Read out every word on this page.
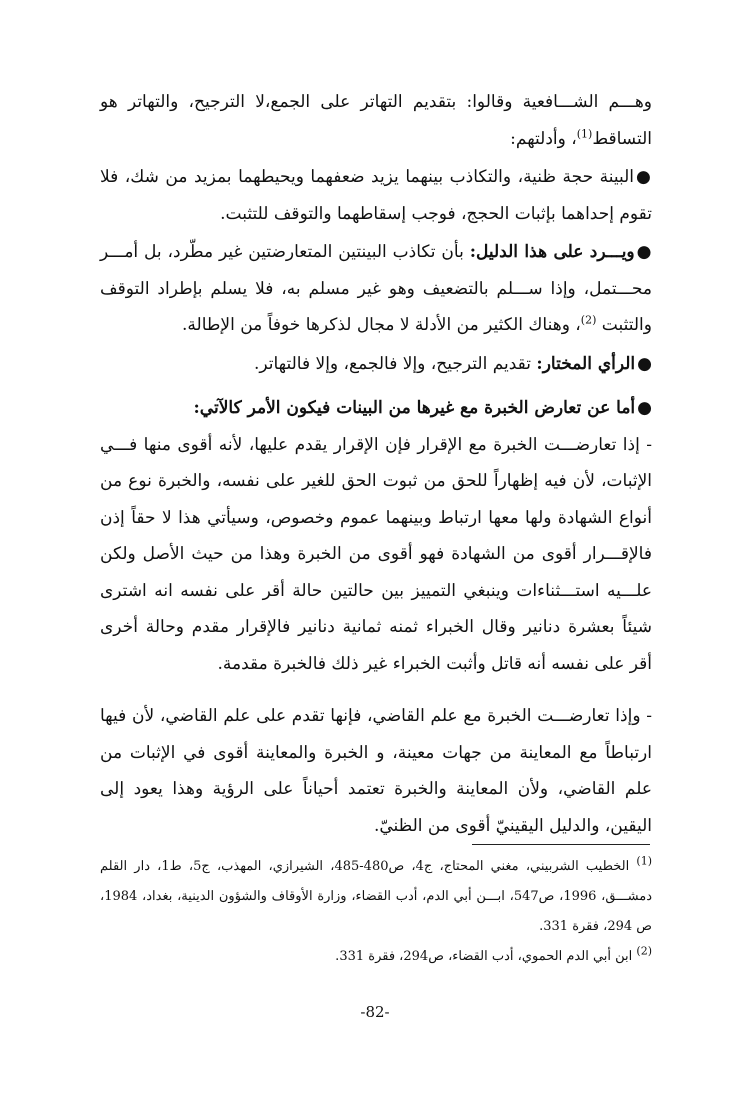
وهـــم الشـــافعية وقالوا: بتقديم التهاتر على الجمع،لا الترجيح، والتهاتر هو التساقط$^{(1)}$، وأدلتهم:

●البينة حجة ظنية، والتكاذب بينهما يزيد ضعفهما ويحيطهما بمزيد من شك، فلا تقوم إحداهما بإثبات الحجج، فوجب إسقاطهما والتوقف للتثبت.

●ويـــرد على هذا الدليل: بأن تكاذب البينتين المتعارضتين غير مطّرد، بل أمـــر محـــتمل، وإذا ســـلم بالتضعيف وهو غير مسلم به، فلا يسلم بإطراد التوقف والتثبت $^{(2)}$، وهناك الكثير من الأدلة لا مجال لذكرها خوفاً من الإطالة.

●الرأي المختار: تقديم الترجيح، وإلا فالجمع، وإلا فالتهاتر.

●أما عن تعارض الخبرة مع غيرها من البينات فيكون الأمر كالآتي:

- إذا تعارضـــت الخبرة مع الإقرار فإن الإقرار يقدم عليها، لأنه أقوى منها فـــي الإثبات، لأن فيه إظهاراً للحق من ثبوت الحق للغير على نفسه، والخبرة نوع من أنواع الشهادة ولها معها ارتباط وبينهما عموم وخصوص، وسيأتي هذا لا حقاً إذن فالإقـــرار أقوى من الشهادة فهو أقوى من الخبرة وهذا من حيث الأصل ولكن علـــيه استـــثناءات وينبغي التمييز بين حالتين حالة أقر على نفسه انه اشترى شيئاً بعشرة دنانير وقال الخبراء ثمنه ثمانية دنانير فالإقرار مقدم وحالة أخرى أقر على نفسه أنه قاتل وأثبت الخبراء غير ذلك فالخبرة مقدمة.

- وإذا تعارضـــت الخبرة مع علم القاضي، فإنها تقدم على علم القاضي، لأن فيها ارتباطاً مع المعاينة من جهات معينة، و الخبرة والمعاينة أقوى في الإثبات من علم القاضي، ولأن المعاينة والخبرة تعتمد أحياناً على الرؤية وهذا يعود إلى اليقين، والدليل اليقينيّ أقوى من الظنيّ.

$^{(1)}$ الخطيب الشربيني، مغني المحتاج، ج4، ص480-485، الشيرازي، المهذب، ج5، ط1، دار القلم دمشـــق، 1996، ص547، ابـــن أبي الدم، أدب القضاء، وزارة الأوقاف والشؤون الدينية، بغداد، 1984، ص 294، فقرة 331.

$^{(2)}$ ابن أبي الدم الحموي، أدب القضاء، ص294، فقرة 331.

-82-
